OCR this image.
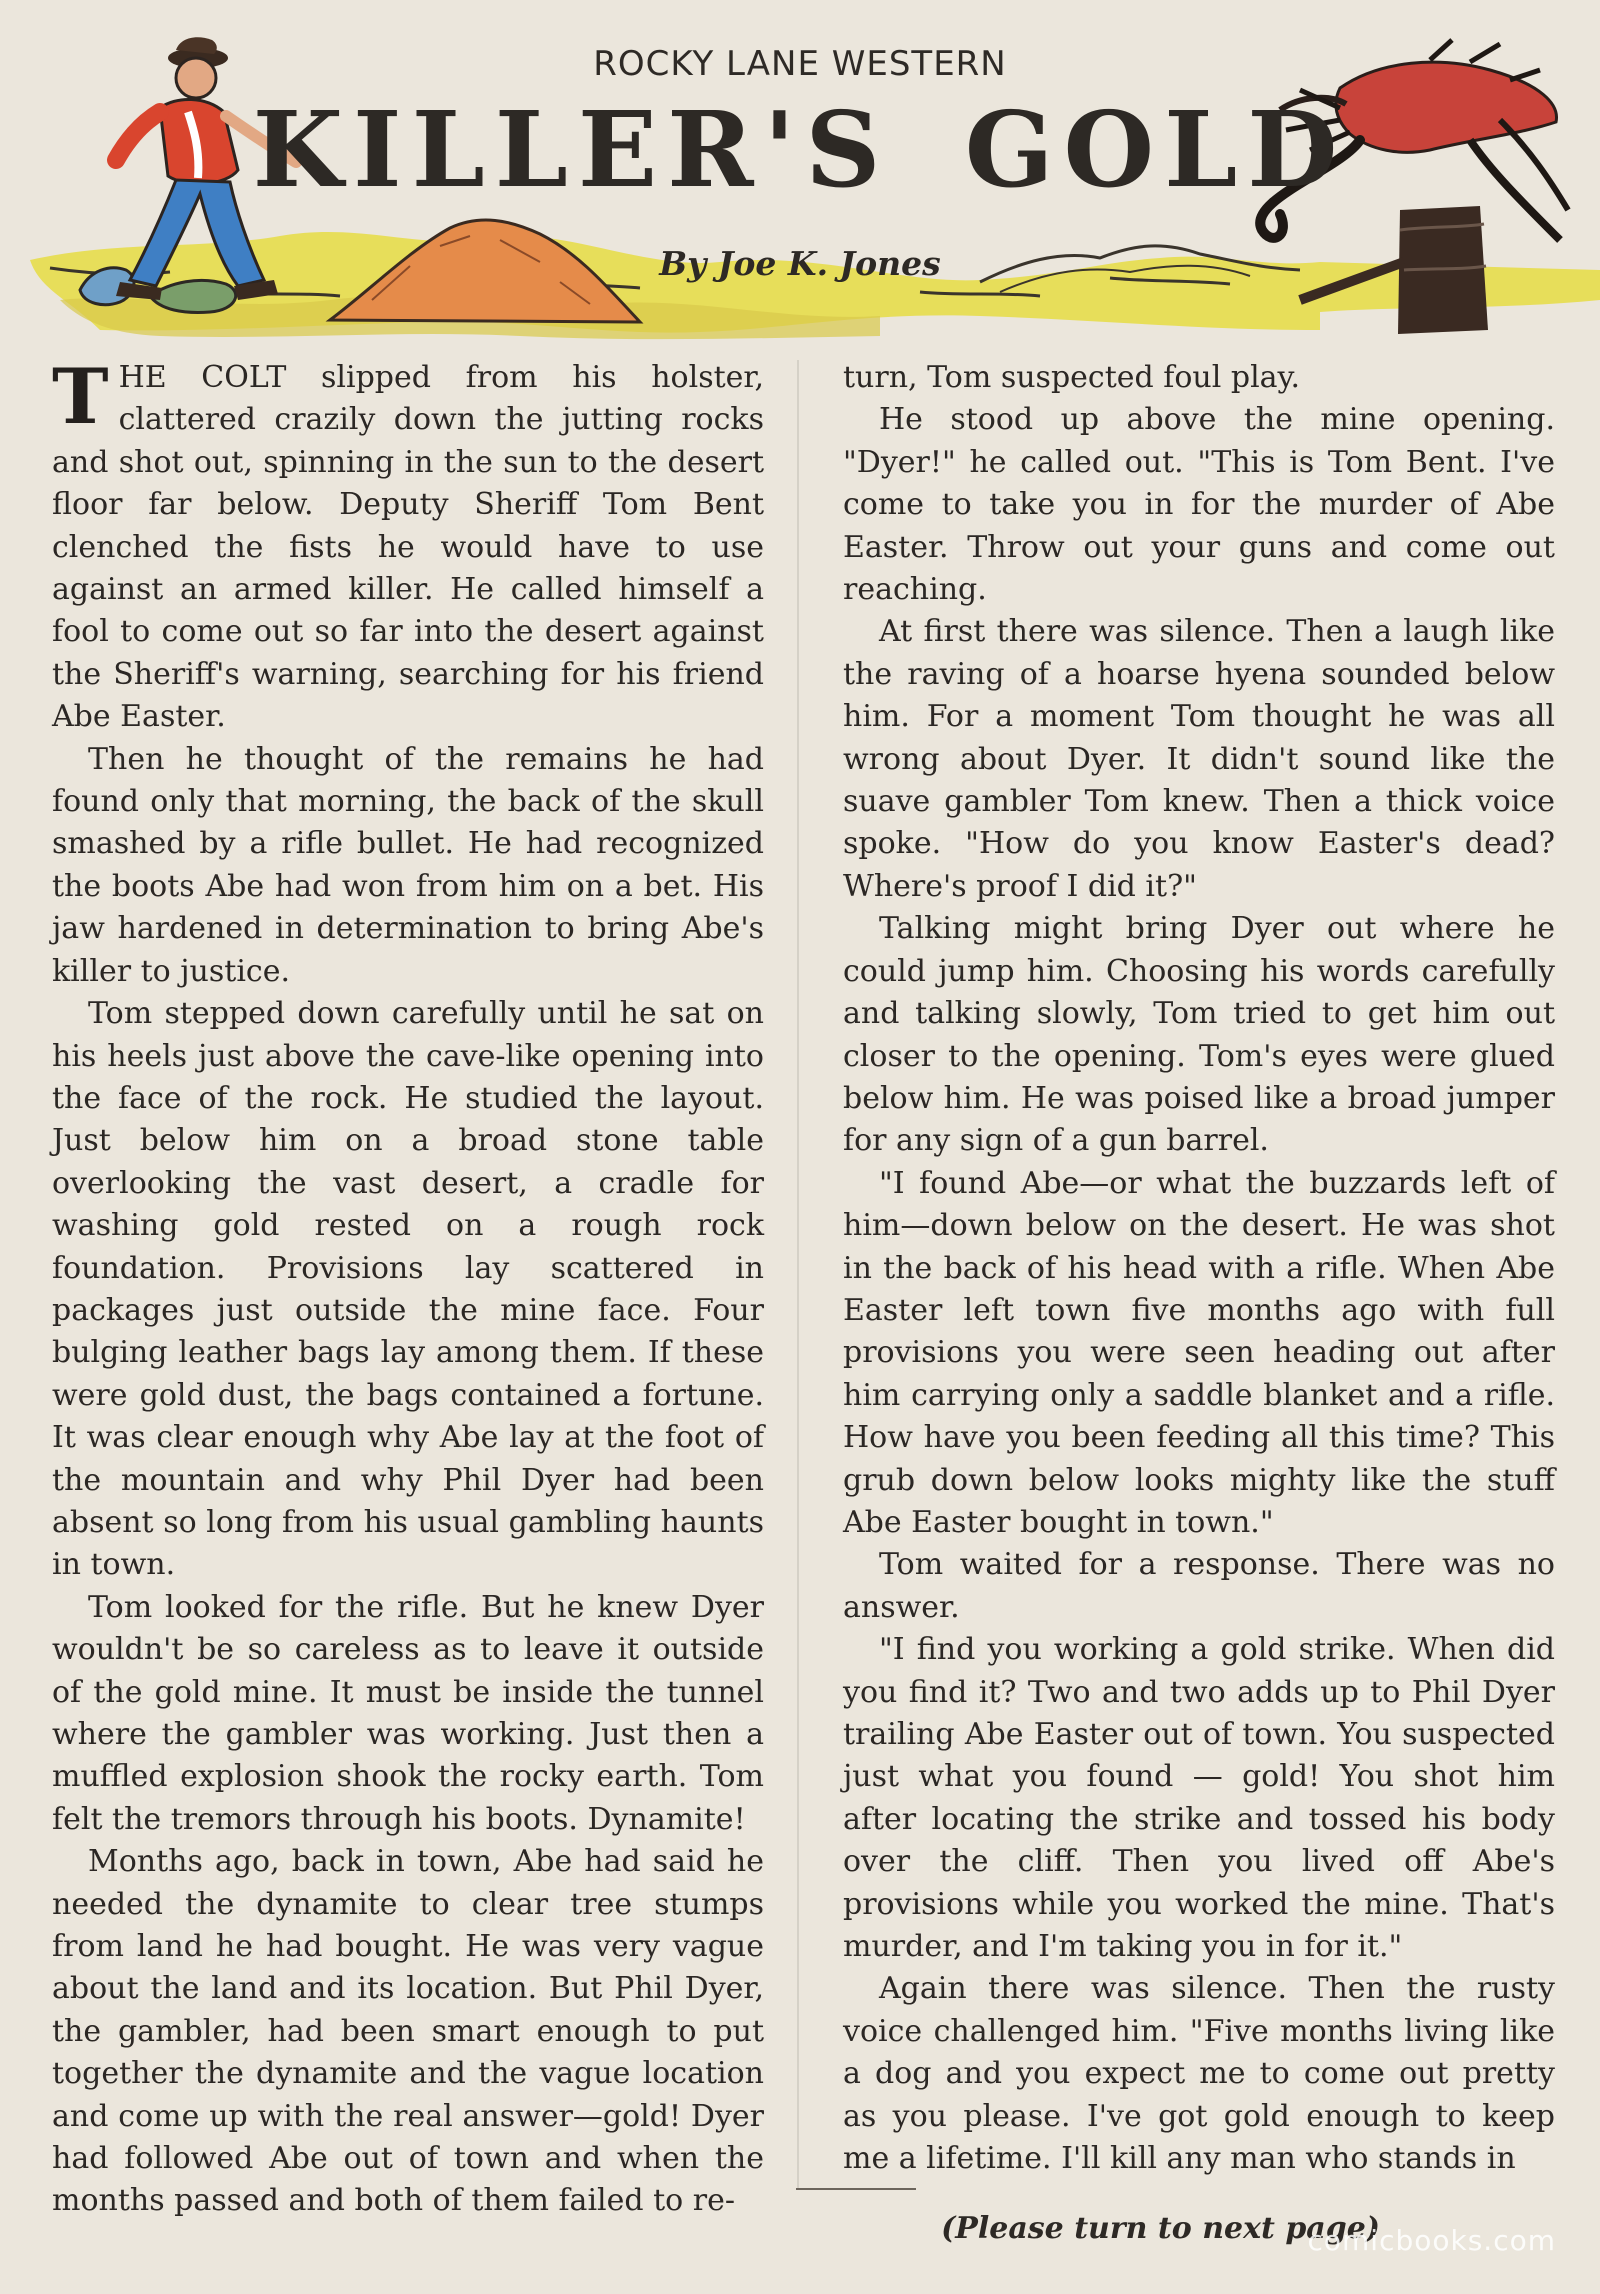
ROCKY LANE WESTERN
KILLER'S GOLD
By Joe K. Jones

THE COLT slipped from his holster, clattered crazily down the jutting rocks and shot out, spinning in the sun to the desert floor far below. Deputy Sheriff Tom Bent clenched the fists he would have to use against an armed killer. He called himself a fool to come out so far into the desert against the Sheriff's warning, searching for his friend Abe Easter.

Then he thought of the remains he had found only that morning, the back of the skull smashed by a rifle bullet. He had recognized the boots Abe had won from him on a bet. His jaw hardened in determination to bring Abe's killer to justice.

Tom stepped down carefully until he sat on his heels just above the cave-like opening into the face of the rock. He studied the layout. Just below him on a broad stone table overlooking the vast desert, a cradle for washing gold rested on a rough rock foundation. Provisions lay scattered in packages just outside the mine face. Four bulging leather bags lay among them. If these were gold dust, the bags contained a fortune. It was clear enough why Abe lay at the foot of the mountain and why Phil Dyer had been absent so long from his usual gambling haunts in town.

Tom looked for the rifle. But he knew Dyer wouldn't be so careless as to leave it outside of the gold mine. It must be inside the tunnel where the gambler was working. Just then a muffled explosion shook the rocky earth. Tom felt the tremors through his boots. Dynamite!

Months ago, back in town, Abe had said he needed the dynamite to clear tree stumps from land he had bought. He was very vague about the land and its location. But Phil Dyer, the gambler, had been smart enough to put together the dynamite and the vague location and come up with the real answer—gold! Dyer had followed Abe out of town and when the months passed and both of them failed to re-

turn, Tom suspected foul play.

He stood up above the mine opening. "Dyer!" he called out. "This is Tom Bent. I've come to take you in for the murder of Abe Easter. Throw out your guns and come out reaching.

At first there was silence. Then a laugh like the raving of a hoarse hyena sounded below him. For a moment Tom thought he was all wrong about Dyer. It didn't sound like the suave gambler Tom knew. Then a thick voice spoke. "How do you know Easter's dead? Where's proof I did it?"

Talking might bring Dyer out where he could jump him. Choosing his words carefully and talking slowly, Tom tried to get him out closer to the opening. Tom's eyes were glued below him. He was poised like a broad jumper for any sign of a gun barrel.

"I found Abe—or what the buzzards left of him—down below on the desert. He was shot in the back of his head with a rifle. When Abe Easter left town five months ago with full provisions you were seen heading out after him carrying only a saddle blanket and a rifle. How have you been feeding all this time? This grub down below looks mighty like the stuff Abe Easter bought in town."

Tom waited for a response. There was no answer.

"I find you working a gold strike. When did you find it? Two and two adds up to Phil Dyer trailing Abe Easter out of town. You suspected just what you found — gold! You shot him after locating the strike and tossed his body over the cliff. Then you lived off Abe's provisions while you worked the mine. That's murder, and I'm taking you in for it."

Again there was silence. Then the rusty voice challenged him. "Five months living like a dog and you expect me to come out pretty as you please. I've got gold enough to keep me a lifetime. I'll kill any man who stands in

(Please turn to next page)
comicbooks.com
